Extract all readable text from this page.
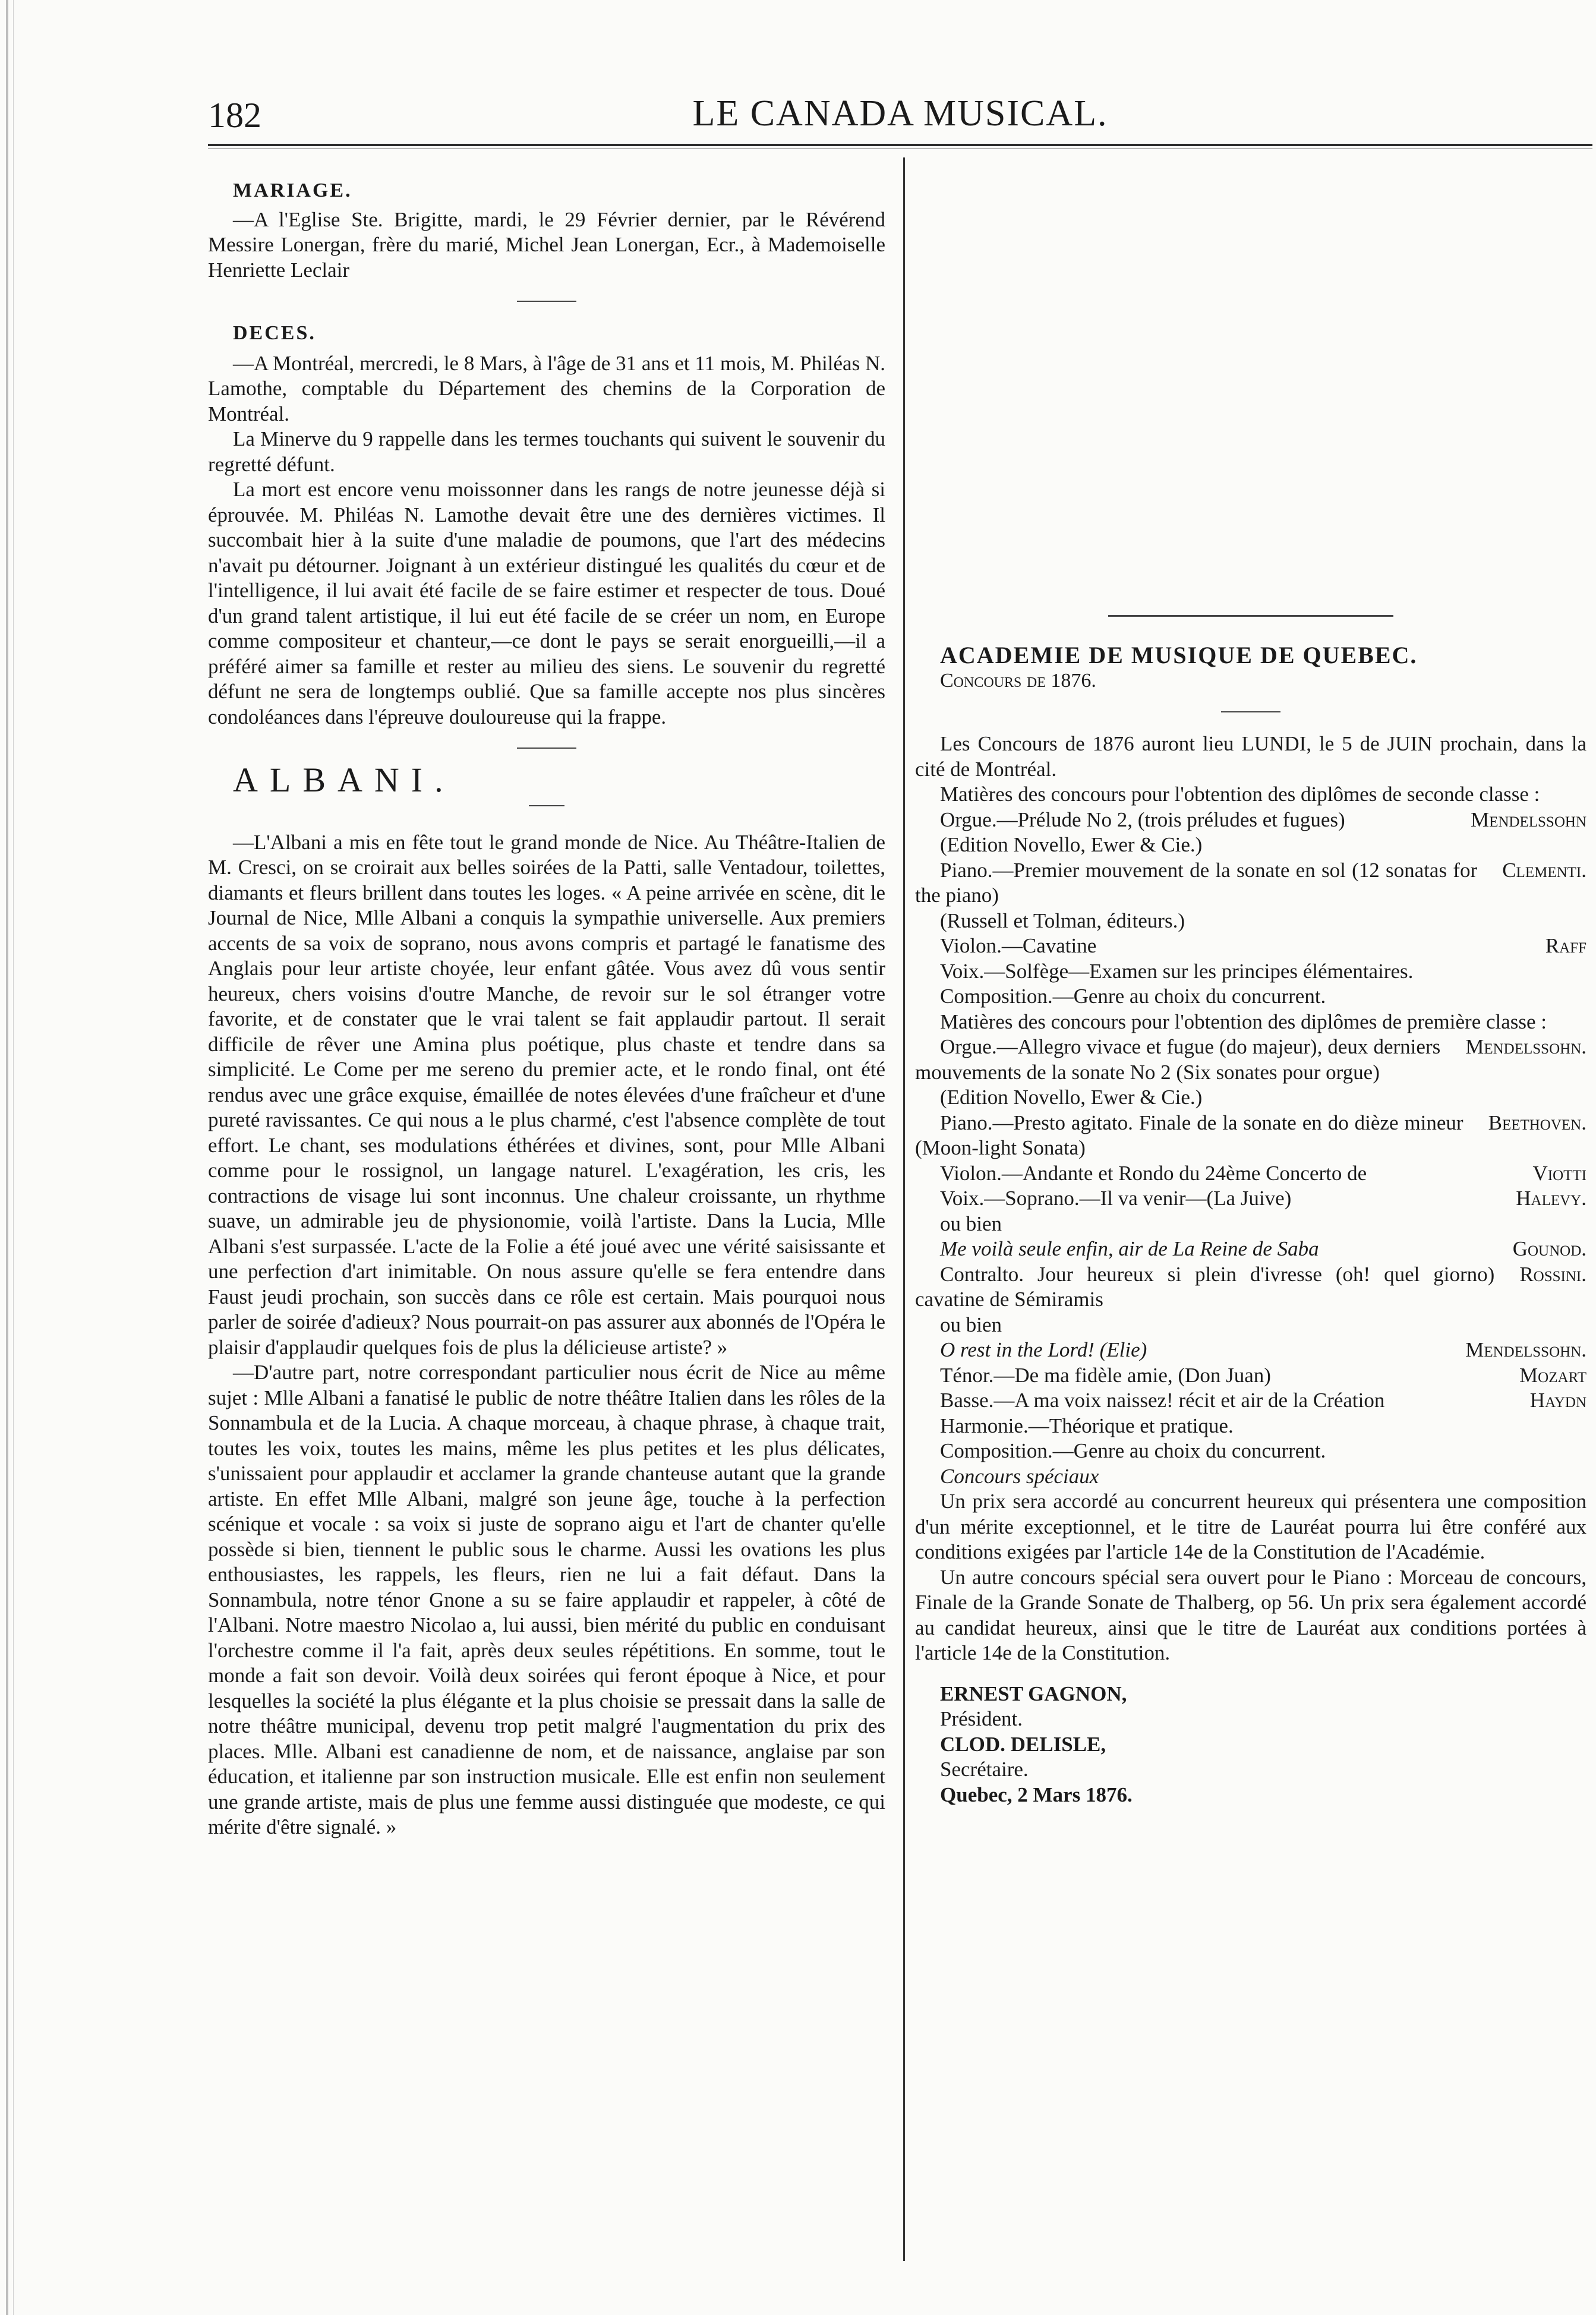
LE CANADA MUSICAL.
182

MARIAGE.

—A l'Eglise Ste. Brigitte, mardi, le 29 Février dernier, par le Révérend Messire Lonergan, frère du marié, Michel Jean Lonergan, Ecr., à Mademoiselle Henriette Leclair

DECES.

—A Montréal, mercredi, le 8 Mars, à l'âge de 31 ans et 11 mois, M. Philéas N. Lamothe, comptable du Département des chemins de la Corporation de Montréal.

La Minerve du 9 rappelle dans les termes touchants qui suivent le souvenir du regretté défunt.

La mort est encore venu moissonner dans les rangs de notre jeunesse déjà si éprouvée. M. Philéas N. Lamothe devait être une des dernières victimes. Il succombait hier à la suite d'une maladie de poumons, que l'art des médecins n'avait pu détourner. Joignant à un extérieur distingué les qualités du cœur et de l'intelligence, il lui avait été facile de se faire estimer et respecter de tous. Doué d'un grand talent artistique, il lui eut été facile de se créer un nom, en Europe comme compositeur et chanteur,—ce dont le pays se serait enorgueilli,—il a préféré aimer sa famille et rester au milieu des siens. Le souvenir du regretté défunt ne sera de longtemps oublié. Que sa famille accepte nos plus sincères condoléances dans l'épreuve douloureuse qui la frappe.

ALBANI.

—L'Albani a mis en fête tout le grand monde de Nice. Au Théâtre-Italien de M. Cresci, on se croirait aux belles soirées de la Patti, salle Ventadour, toilettes, diamants et fleurs brillent dans toutes les loges. « A peine arrivée en scène, dit le Journal de Nice, Mlle Albani a conquis la sympathie universelle. Aux premiers accents de sa voix de soprano, nous avons compris et partagé le fanatisme des Anglais pour leur artiste choyée, leur enfant gâtée. Vous avez dû vous sentir heureux, chers voisins d'outre Manche, de revoir sur le sol étranger votre favorite, et de constater que le vrai talent se fait applaudir partout. Il serait difficile de rêver une Amina plus poétique, plus chaste et tendre dans sa simplicité. Le Come per me sereno du premier acte, et le rondo final, ont été rendus avec une grâce exquise, émaillée de notes élevées d'une fraîcheur et d'une pureté ravissantes. Ce qui nous a le plus charmé, c'est l'absence complète de tout effort. Le chant, ses modulations éthérées et divines, sont, pour Mlle Albani comme pour le rossignol, un langage naturel. L'exagération, les cris, les contractions de visage lui sont inconnus. Une chaleur croissante, un rhythme suave, un admirable jeu de physionomie, voilà l'artiste. Dans la Lucia, Mlle Albani s'est surpassée. L'acte de la Folie a été joué avec une vérité saisissante et une perfection d'art inimitable. On nous assure qu'elle se fera entendre dans Faust jeudi prochain, son succès dans ce rôle est certain. Mais pourquoi nous parler de soirée d'adieux? Nous pourrait-on pas assurer aux abonnés de l'Opéra le plaisir d'applaudir quelques fois de plus la délicieuse artiste? »

—D'autre part, notre correspondant particulier nous écrit de Nice au même sujet : Mlle Albani a fanatisé le public de notre théâtre Italien dans les rôles de la Sonnambula et de la Lucia. A chaque morceau, à chaque phrase, à chaque trait, toutes les voix, toutes les mains, même les plus petites et les plus délicates, s'unissaient pour applaudir et acclamer la grande chanteuse autant que la grande artiste. En effet Mlle Albani, malgré son jeune âge, touche à la perfection scénique et vocale : sa voix si juste de soprano aigu et l'art de chanter qu'elle possède si bien, tiennent le public sous le charme. Aussi les ovations les plus enthousiastes, les rappels, les fleurs, rien ne lui a fait défaut. Dans la Sonnambula, notre ténor Gnone a su se faire applaudir et rappeler, à côté de l'Albani. Notre maestro Nicolao a, lui aussi, bien mérité du public en conduisant l'orchestre comme il l'a fait, après deux seules répétitions. En somme, tout le monde a fait son devoir. Voilà deux soirées qui feront époque à Nice, et pour lesquelles la société la plus élégante et la plus choisie se pressait dans la salle de notre théâtre municipal, devenu trop petit malgré l'augmentation du prix des places. Mlle. Albani est canadienne de nom, et de naissance, anglaise par son éducation, et italienne par son instruction musicale. Elle est enfin non seulement une grande artiste, mais de plus une femme aussi distinguée que modeste, ce qui mérite d'être signalé. »

ACADEMIE DE MUSIQUE DE QUEBEC.

Concours de 1876.

Les Concours de 1876 auront lieu LUNDI, le 5 de JUIN prochain, dans la cité de Montréal.

Matières des concours pour l'obtention des diplômes de seconde classe :

Mendelssohn
Orgue.—Prélude No 2, (trois préludes et fugues)

(Edition Novello, Ewer & Cie.)

Clementi.
Piano.—Premier mouvement de la sonate en sol (12 sonatas for the piano)

(Russell et Tolman, éditeurs.)

Raff
Violon.—Cavatine

Voix.—Solfège—Examen sur les principes élémentaires.

Composition.—Genre au choix du concurrent.

Matières des concours pour l'obtention des diplômes de première classe :

Mendelssohn.
Orgue.—Allegro vivace et fugue (do majeur), deux derniers mouvements de la sonate No 2 (Six sonates pour orgue)

(Edition Novello, Ewer & Cie.)

Beethoven.
Piano.—Presto agitato. Finale de la sonate en do dièze mineur (Moon-light Sonata)

Viotti
Violon.—Andante et Rondo du 24ème Concerto de

Halevy.
Voix.—Soprano.—Il va venir—(La Juive)

ou bien

Gounod.
Me voilà seule enfin, air de La Reine de Saba

Rossini.
Contralto. Jour heureux si plein d'ivresse (oh! quel giorno) cavatine de Sémiramis

ou bien

Mendelssohn.
O rest in the Lord! (Elie)

Mozart
Ténor.—De ma fidèle amie, (Don Juan)

Haydn
Basse.—A ma voix naissez! récit et air de la Création

Harmonie.—Théorique et pratique.

Composition.—Genre au choix du concurrent.

Concours spéciaux

Un prix sera accordé au concurrent heureux qui présentera une composition d'un mérite exceptionnel, et le titre de Lauréat pourra lui être conféré aux conditions exigées par l'article 14e de la Constitution de l'Académie.

Un autre concours spécial sera ouvert pour le Piano : Morceau de concours, Finale de la Grande Sonate de Thalberg, op 56. Un prix sera également accordé au candidat heureux, ainsi que le titre de Lauréat aux conditions portées à l'article 14e de la Constitution.

ERNEST GAGNON,

Président.

CLOD. DELISLE,

Secrétaire.

Quebec, 2 Mars 1876.
